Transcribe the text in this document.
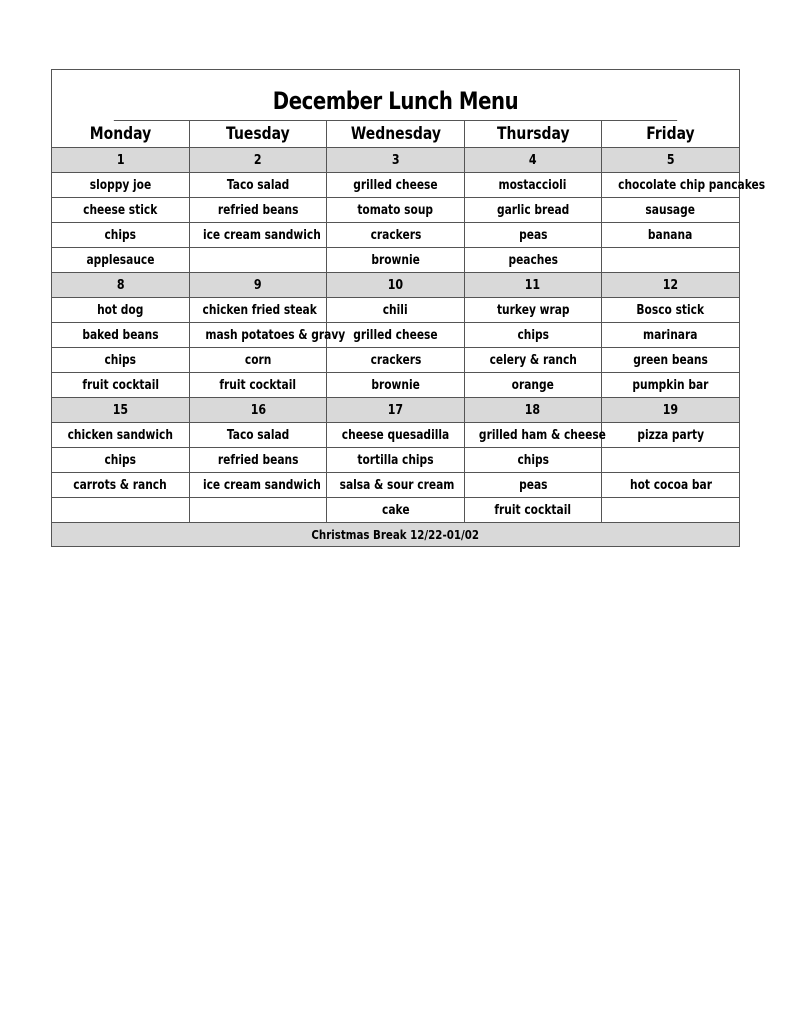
December Lunch Menu
Monday	Tuesday	Wednesday	Thursday	Friday
1	2	3	4	5
sloppy joe	Taco salad	grilled cheese	mostaccioli	chocolate chip pancakes
cheese stick	refried beans	tomato soup	garlic bread	sausage
chips	ice cream sandwich	crackers	peas	banana
applesauce		brownie	peaches	
8	9	10	11	12
hot dog	chicken fried steak	chili	turkey wrap	Bosco stick
baked beans	mash potatoes & gravy	grilled cheese	chips	marinara
chips	corn	crackers	celery & ranch	green beans
fruit cocktail	fruit cocktail	brownie	orange	pumpkin bar
15	16	17	18	19
chicken sandwich	Taco salad	cheese quesadilla	grilled ham & cheese	pizza party
chips	refried beans	tortilla chips	chips	
carrots & ranch	ice cream sandwich	salsa & sour cream	peas	hot cocoa bar
		cake	fruit cocktail	
Christmas Break 12/22-01/02				
